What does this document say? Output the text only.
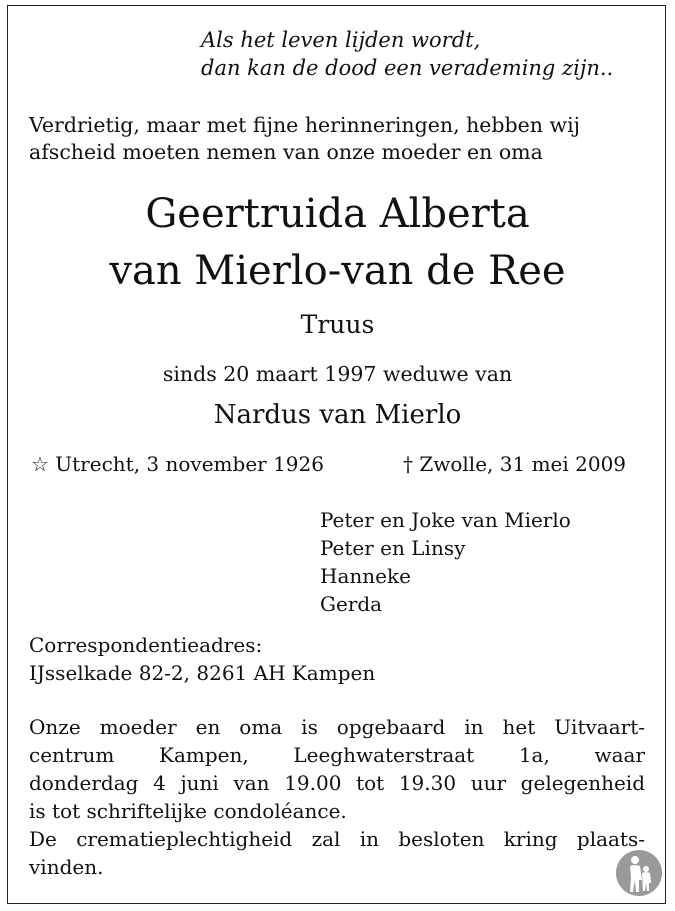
Als het leven lijden wordt,

dan kan de dood een verademing zijn..

Verdrietig, maar met fijne herinneringen, hebben wij

afscheid moeten nemen van onze moeder en oma

Geertruida Alberta

van Mierlo-van de Ree

Truus

sinds 20 maart 1997 weduwe van

Nardus van Mierlo

☆ Utrecht, 3 november 1926	† Zwolle, 31 mei 2009

Peter en Joke van Mierlo

Peter en Linsy

Hanneke

Gerda

Correspondentieadres:

IJsselkade 82-2, 8261 AH Kampen

Onze moeder en oma is opgebaard in het Uitvaart-

centrum Kampen, Leeghwaterstraat 1a, waar

donderdag 4 juni van 19.00 tot 19.30 uur gelegenheid

is tot schriftelijke condoléance.

De crematieplechtigheid zal in besloten kring plaats-

vinden.
